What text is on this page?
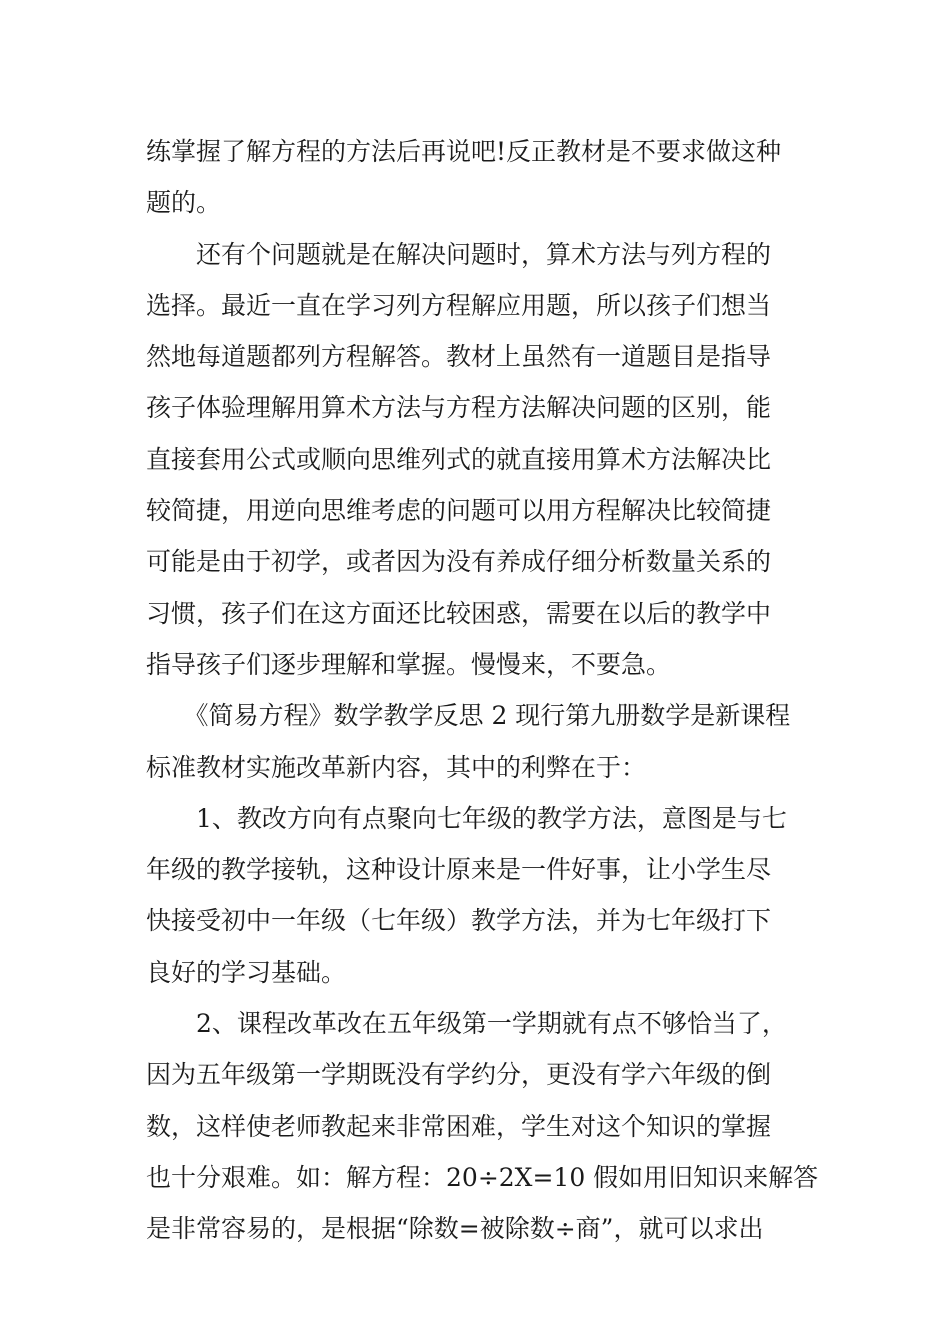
练掌握了解方程的方法后再说吧!反正教材是不要求做这种
题的。
　　还有个问题就是在解决问题时，算术方法与列方程的
选择。最近一直在学习列方程解应用题，所以孩子们想当
然地每道题都列方程解答。教材上虽然有一道题目是指导
孩子体验理解用算术方法与方程方法解决问题的区别，能
直接套用公式或顺向思维列式的就直接用算术方法解决比
较简捷，用逆向思维考虑的问题可以用方程解决比较简捷
可能是由于初学，或者因为没有养成仔细分析数量关系的
习惯，孩子们在这方面还比较困惑，需要在以后的教学中
指导孩子们逐步理解和掌握。慢慢来，不要急。
　　《简易方程》数学教学反思 2 现行第九册数学是新课程
标准教材实施改革新内容，其中的利弊在于：
　　1、教改方向有点聚向七年级的教学方法，意图是与七
年级的教学接轨，这种设计原来是一件好事，让小学生尽
快接受初中一年级（七年级）教学方法，并为七年级打下
良好的学习基础。
　　2、课程改革改在五年级第一学期就有点不够恰当了，
因为五年级第一学期既没有学约分，更没有学六年级的倒
数，这样使老师教起来非常困难，学生对这个知识的掌握
也十分艰难。如：解方程：20÷2X=10 假如用旧知识来解答
是非常容易的，是根据“除数=被除数÷商”，就可以求出
